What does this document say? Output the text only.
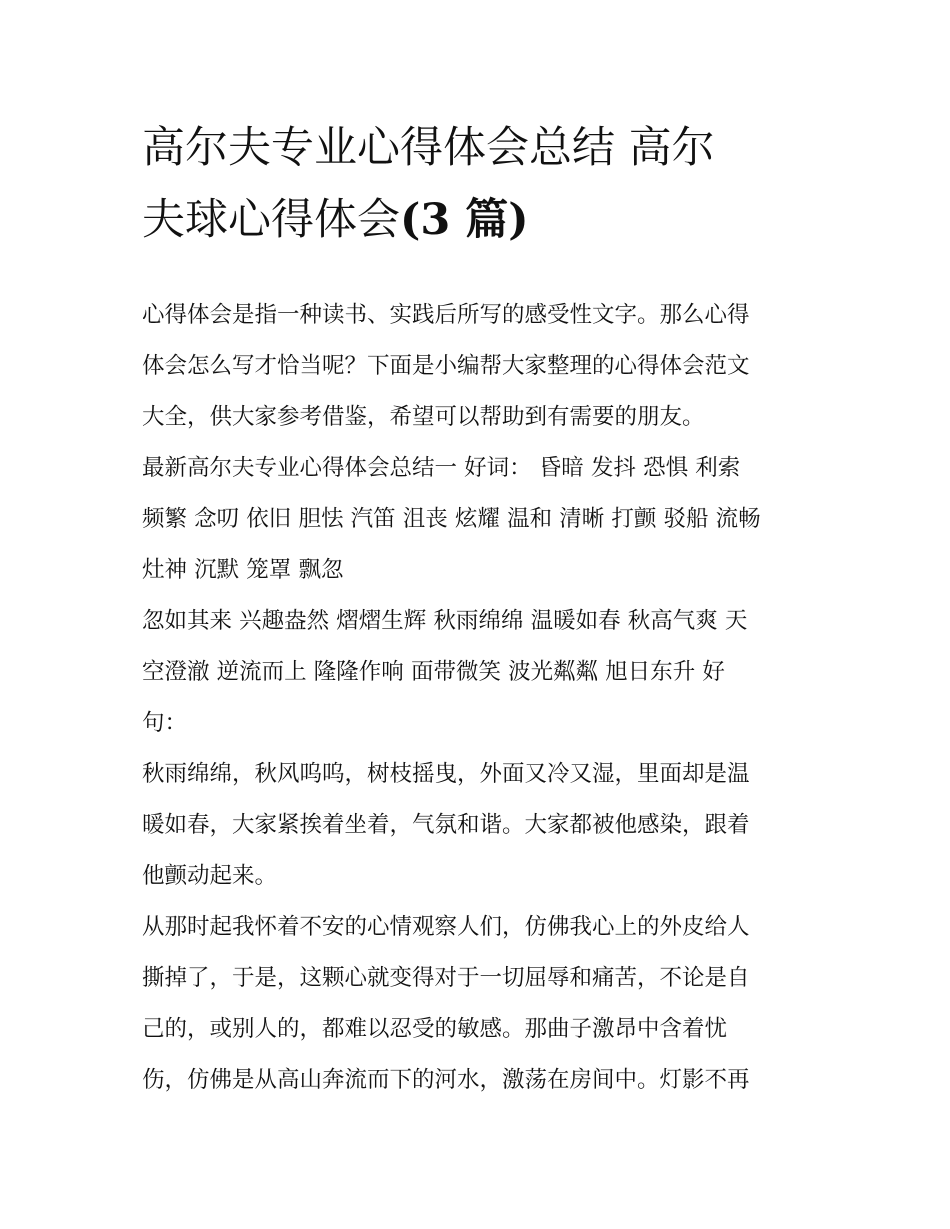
高尔夫专业心得体会总结 高尔
夫球心得体会(3 篇)
心得体会是指一种读书、实践后所写的感受性文字。那么心得
体会怎么写才恰当呢？下面是小编帮大家整理的心得体会范文
大全，供大家参考借鉴，希望可以帮助到有需要的朋友。
最新高尔夫专业心得体会总结一 好词： 昏暗 发抖 恐惧 利索
频繁 念叨 依旧 胆怯 汽笛 沮丧 炫耀 温和 清晰 打颤 驳船 流畅
灶神 沉默 笼罩 飘忽
忽如其来 兴趣盎然 熠熠生辉 秋雨绵绵 温暖如春 秋高气爽 天
空澄澈 逆流而上 隆隆作响 面带微笑 波光粼粼 旭日东升 好
句：
秋雨绵绵，秋风呜呜，树枝摇曳，外面又冷又湿，里面却是温
暖如春，大家紧挨着坐着，气氛和谐。大家都被他感染，跟着
他颤动起来。
从那时起我怀着不安的心情观察人们，仿佛我心上的外皮给人
撕掉了，于是，这颗心就变得对于一切屈辱和痛苦，不论是自
己的，或别人的，都难以忍受的敏感。那曲子激昂中含着忧
伤，仿佛是从高山奔流而下的河水，激荡在房间中。灯影不再
